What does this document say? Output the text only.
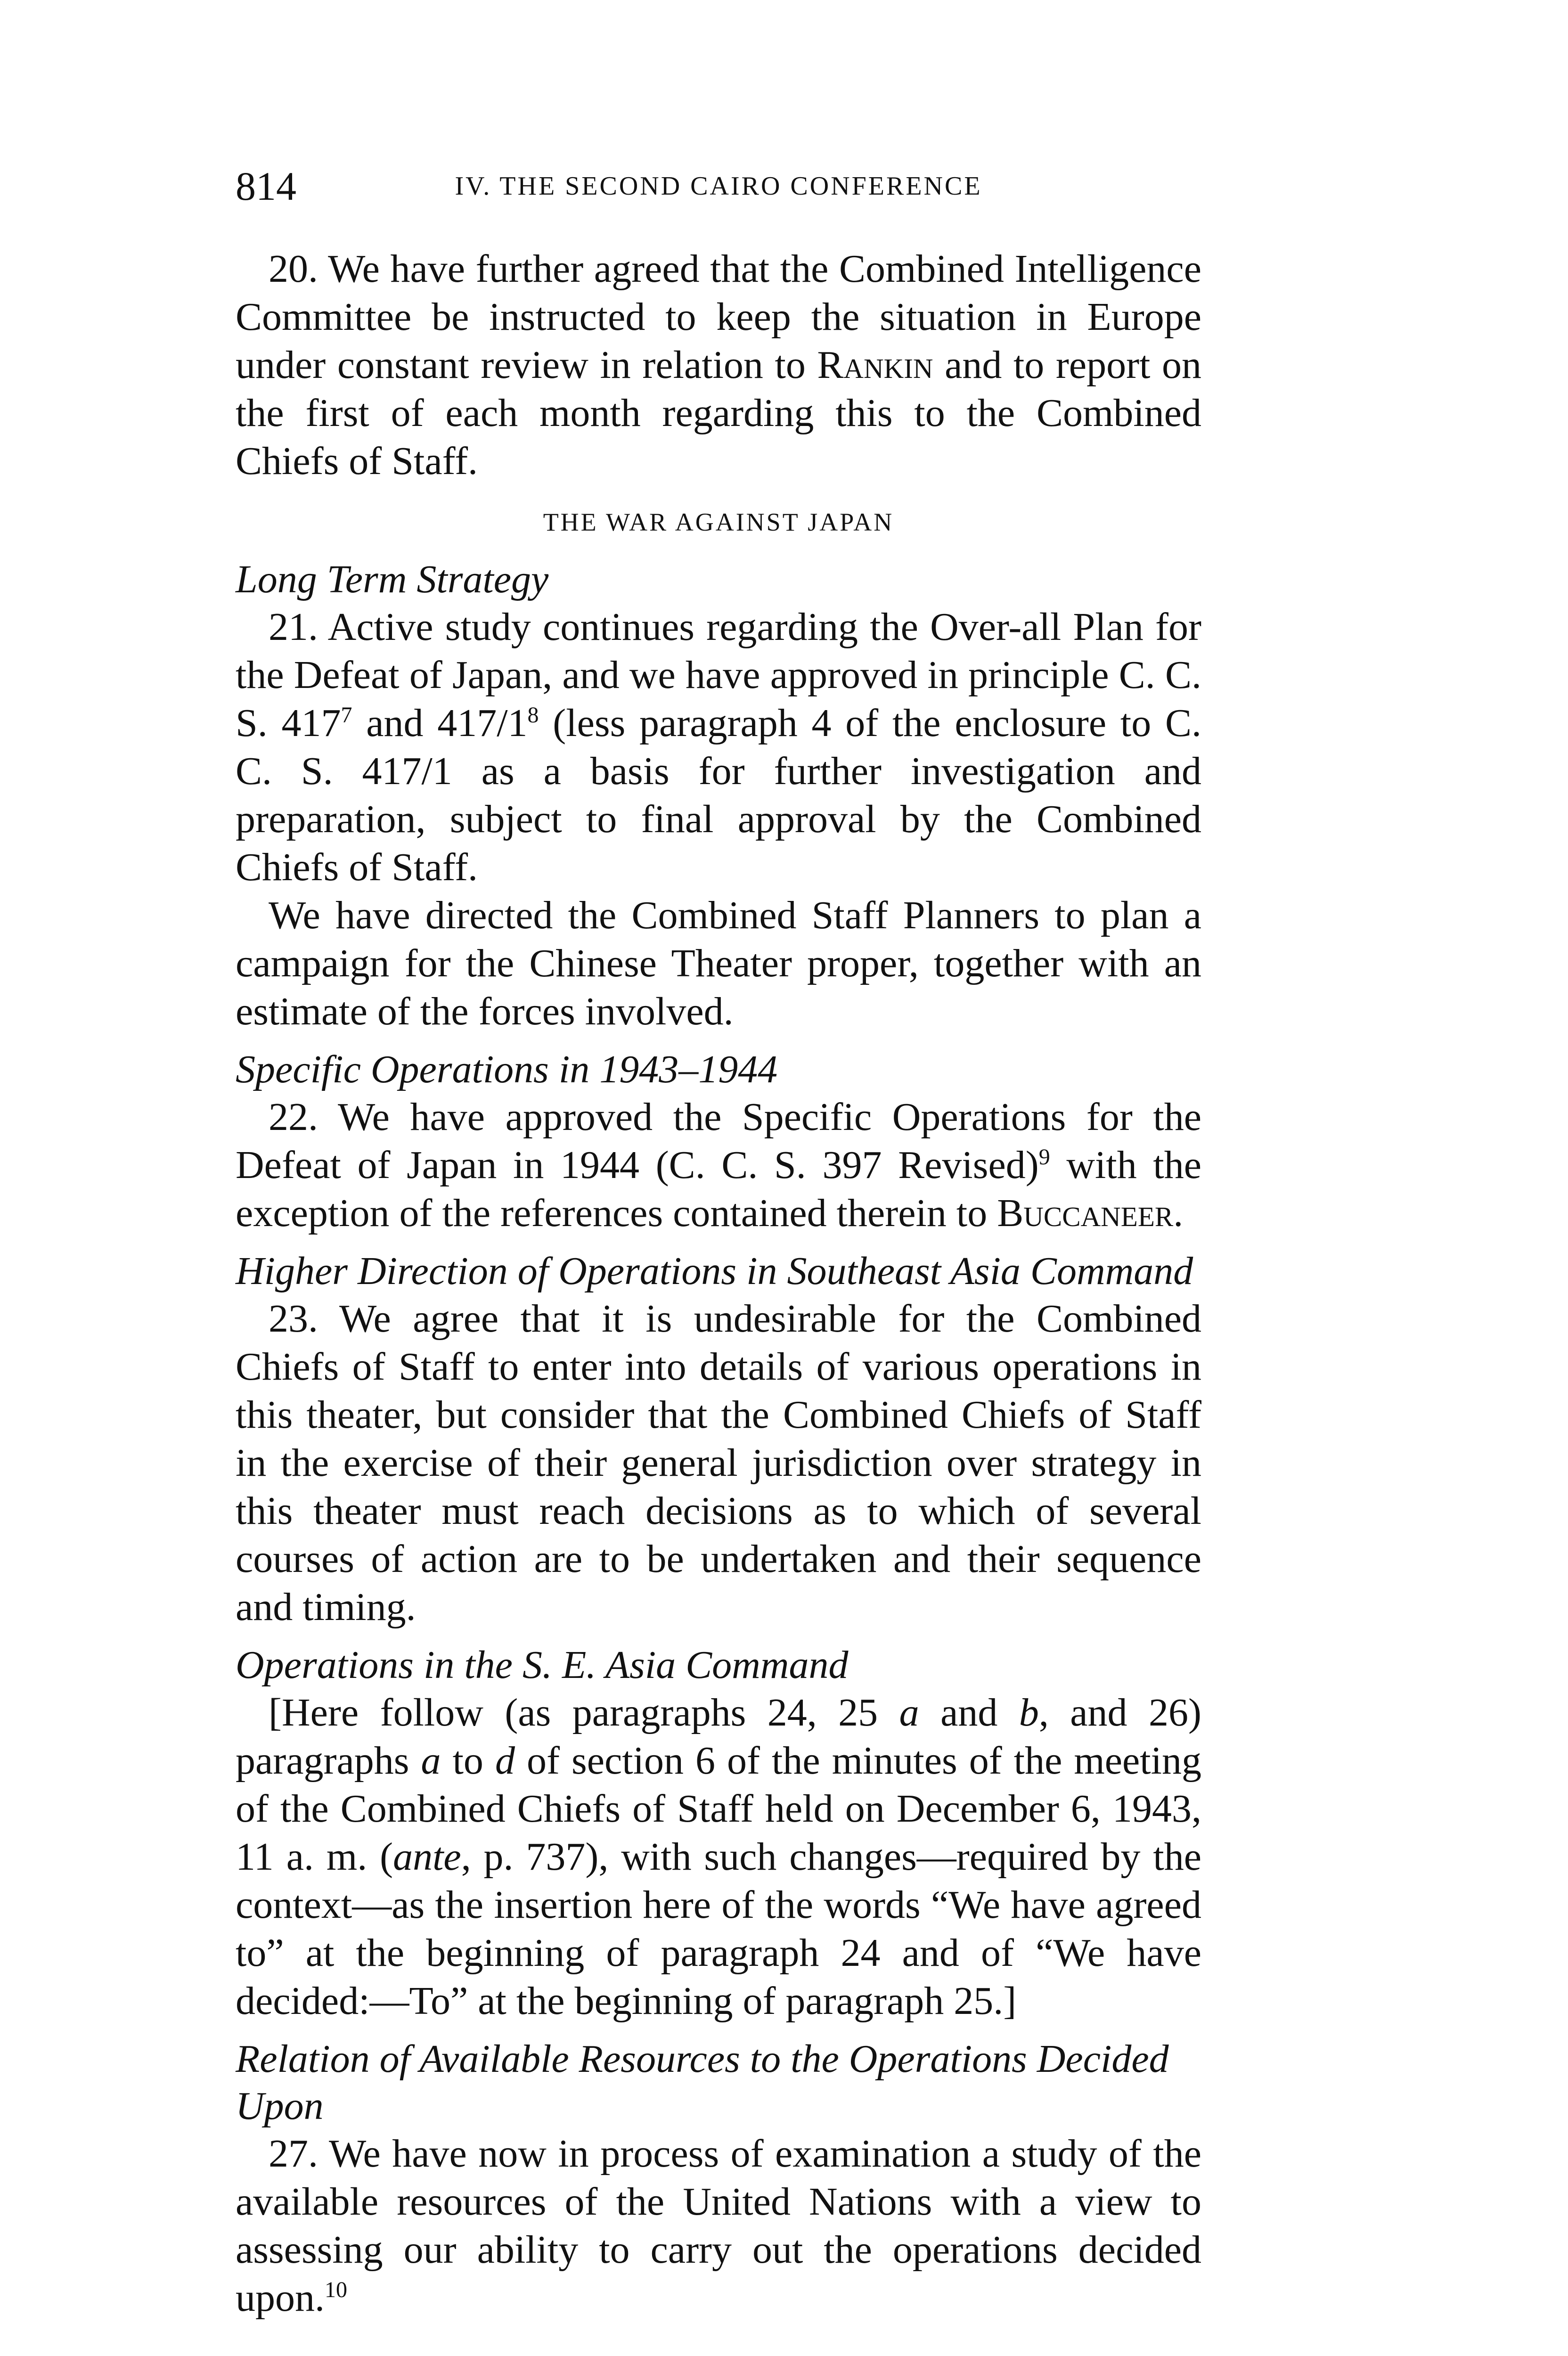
814	IV. THE SECOND CAIRO CONFERENCE

20. We have further agreed that the Combined Intelligence Committee be instructed to keep the situation in Europe under constant review in relation to Rankin and to report on the first of each month regarding this to the Combined Chiefs of Staff.

THE WAR AGAINST JAPAN
Long Term Strategy

21. Active study continues regarding the Over-all Plan for the Defeat of Japan, and we have approved in principle C. C. S. $417^7$ and $417/1^8$ (less paragraph 4 of the enclosure to C. C. S. 417/1 as a basis for further investigation and preparation, subject to final approval by the Combined Chiefs of Staff.

We have directed the Combined Staff Planners to plan a campaign for the Chinese Theater proper, together with an estimate of the forces involved.

Specific Operations in 1943–1944

22. We have approved the Specific Operations for the Defeat of Japan in 1944 (C. C. S. 397 Revised)$^9$ with the exception of the references contained therein to Buccaneer.

Higher Direction of Operations in Southeast Asia Command

23. We agree that it is undesirable for the Combined Chiefs of Staff to enter into details of various operations in this theater, but consider that the Combined Chiefs of Staff in the exercise of their general jurisdiction over strategy in this theater must reach decisions as to which of several courses of action are to be undertaken and their sequence and timing.

Operations in the S. E. Asia Command

[Here follow (as paragraphs 24, 25 a and b, and 26) paragraphs a to d of section 6 of the minutes of the meeting of the Combined Chiefs of Staff held on December 6, 1943, 11 a. m. (ante, p. 737), with such changes—required by the context—as the insertion here of the words “We have agreed to” at the beginning of paragraph 24 and of “We have decided:—To” at the beginning of paragraph 25.]

Relation of Available Resources to the Operations Decided Upon

27. We have now in process of examination a study of the available resources of the United Nations with a view to assessing our ability to carry out the operations decided upon.$^{10}$
